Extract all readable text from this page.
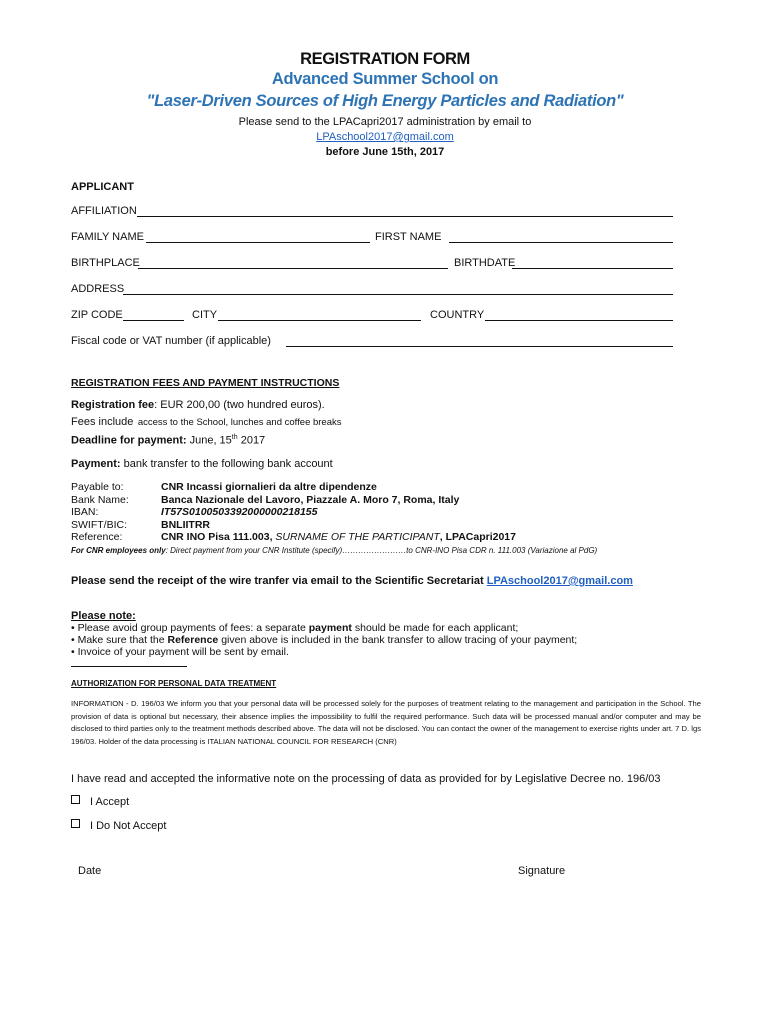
REGISTRATION FORM
Advanced Summer School on
"Laser-Driven Sources of High Energy Particles and Radiation"
Please send to the LPACapri2017 administration by email to
LPAschool2017@gmail.com
before June 15th, 2017
APPLICANT
AFFILIATION
FAMILY NAME	FIRST NAME
BIRTHPLACE	BIRTHDATE
ADDRESS
ZIP CODE	CITY	COUNTRY
Fiscal code or VAT number (if applicable)
REGISTRATION FEES AND PAYMENT INSTRUCTIONS
Registration fee: EUR 200,00 (two hundred euros).
Fees include access to the School, lunches and coffee breaks
Deadline for payment: June, 15th 2017
Payment: bank transfer to the following bank account
Payable to:	CNR Incassi giornalieri da altre dipendenze
Bank Name:	Banca Nazionale del Lavoro, Piazzale A. Moro 7, Roma, Italy
IBAN:	IT57S0100503392000000218155
SWIFT/BIC:	BNLIITRR
Reference:	CNR INO Pisa 111.003, SURNAME OF THE PARTICIPANT, LPACapri2017
For CNR employees only: Direct payment from your CNR Institute (specify)……………………to CNR-INO Pisa CDR n. 111.003 (Variazione al PdG)
Please send the receipt of the wire tranfer via email to the Scientific Secretariat LPAschool2017@gmail.com
Please note:
• Please avoid group payments of fees: a separate payment should be made for each applicant;
• Make sure that the Reference given above is included in the bank transfer to allow tracing of your payment;
• Invoice of your payment will be sent by email.
AUTHORIZATION FOR PERSONAL DATA TREATMENT
INFORMATION - D. 196/03 We inform you that your personal data will be processed solely for the purposes of treatment relating to the management and participation in the School. The provision of data is optional but necessary, their absence implies the impossibility to fulfil the required performance. Such data will be processed manual and/or computer and may be disclosed to third parties only to the treatment methods described above. The data will not be disclosed. You can contact the owner of the management to exercise rights under art. 7 D. lgs 196/03. Holder of the data processing is ITALIAN NATIONAL COUNCIL FOR RESEARCH (CNR)
I have read and accepted the informative note on the processing of data as provided for by Legislative Decree no. 196/03
I Accept
I Do Not Accept
Date	Signature
